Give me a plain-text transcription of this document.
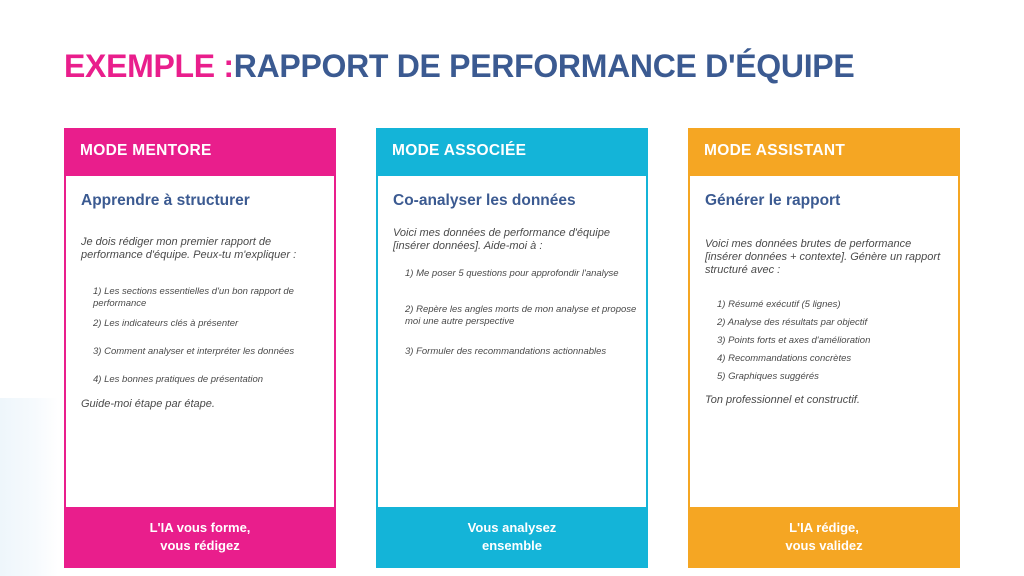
EXEMPLE :RAPPORT DE PERFORMANCE D'ÉQUIPE
MODE MENTORE
Apprendre à structurer
Je dois rédiger mon premier rapport de performance d'équipe. Peux-tu m'expliquer :
1) Les sections essentielles d'un bon rapport de performance
2) Les indicateurs clés à présenter
3) Comment analyser et interpréter les données
4) Les bonnes pratiques de présentation
Guide-moi étape par étape.
L'IA vous forme,
vous rédigez
MODE ASSOCIÉE
Co-analyser les données
Voici mes données de performance d'équipe [insérer données]. Aide-moi à :
1) Me poser 5 questions pour approfondir l'analyse
2) Repère les angles morts de mon analyse et propose moi une autre perspective
3) Formuler des recommandations actionnables
Vous analysez
ensemble
MODE ASSISTANT
Générer le rapport
Voici mes données brutes de performance [insérer données + contexte]. Génère un rapport structuré avec :
1) Résumé exécutif (5 lignes)
2) Analyse des résultats par objectif
3) Points forts et axes d'amélioration
4) Recommandations concrètes
5) Graphiques suggérés
Ton professionnel et constructif.
L'IA rédige,
vous validez
